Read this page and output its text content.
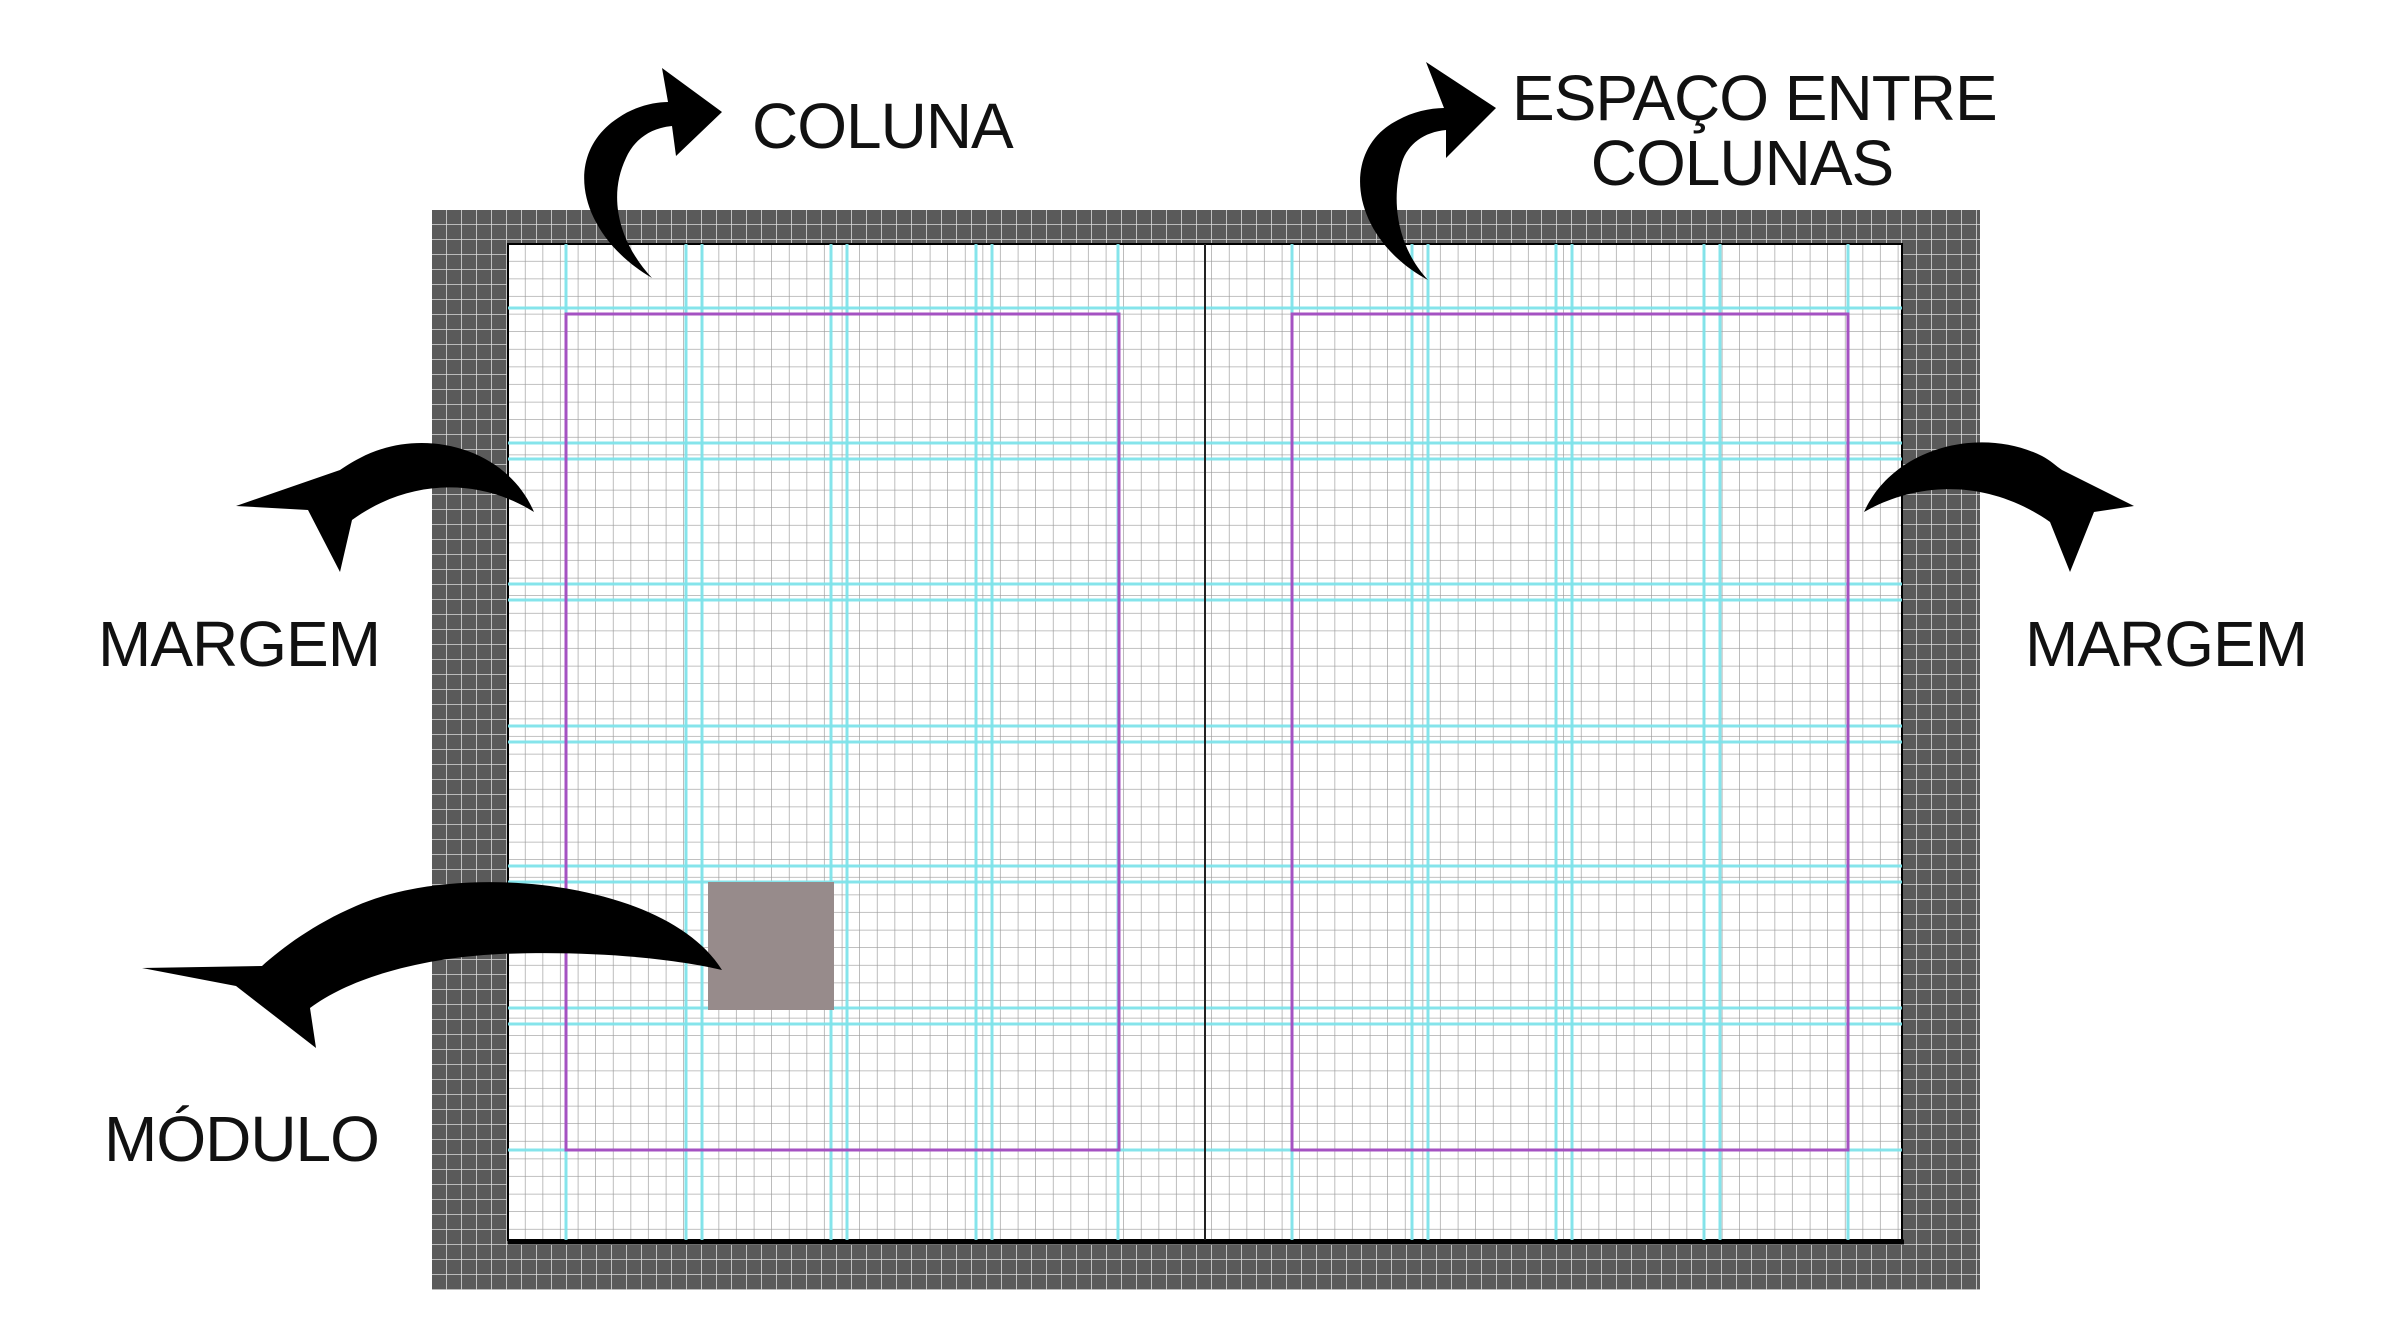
COLUNA	ESPAÇO ENTRE
COLUNAS
MARGEM	MARGEM
MÓDULO
